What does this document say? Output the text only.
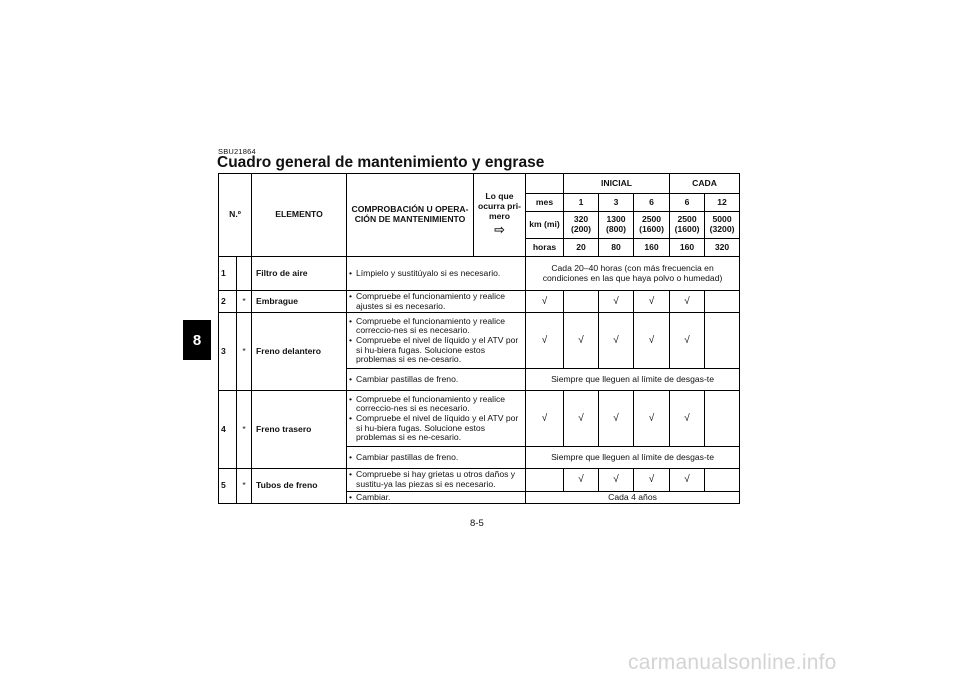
8
SBU21864
Cuadro general de mantenimiento y engrase
N.º		ELEMENTO	COMPROBACIÓN U OPERA-CIÓN DE MANTENIMIENTO	Lo que ocurra pri-mero
⇨		INICIAL			CADA	
					mes	1	3	6	6	12
					km (mi)	320 (200)	1300 (800)	2500 (1600)	2500 (1600)	5000 (3200)
					horas	20	80	160	160	320
1		Filtro de aire	• Límpielo y sustitúyalo si es necesario.		Cada 20–40 horas (con más frecuencia en condiciones en las que haya polvo o humedad)					
2	*	Embrague	• Compruebe el funcionamiento y realice ajustes si es necesario.		√		√	√	√	
3	*	Freno delantero	• Compruebe el funcionamiento y realice correccio-nes si es necesario.
• Compruebe el nivel de líquido y el ATV por si hu-biera fugas. Solucione estos problemas si es ne-cesario.		√	√	√	√	√	

			• Cambiar pastillas de freno.		Siempre que lleguen al límite de desgas-te					
4	*	Freno trasero	• Compruebe el funcionamiento y realice correccio-nes si es necesario.
• Compruebe el nivel de líquido y el ATV por si hu-biera fugas. Solucione estos problemas si es ne-cesario.		√	√	√	√	√	

			• Cambiar pastillas de freno.		Siempre que lleguen al límite de desgas-te					
5	*	Tubos de freno	• Compruebe si hay grietas u otros daños y sustitu-ya las piezas si es necesario.			√	√	√	√	

			• Cambiar.		Cada 4 años					
8-5
carmanualsonline.info
